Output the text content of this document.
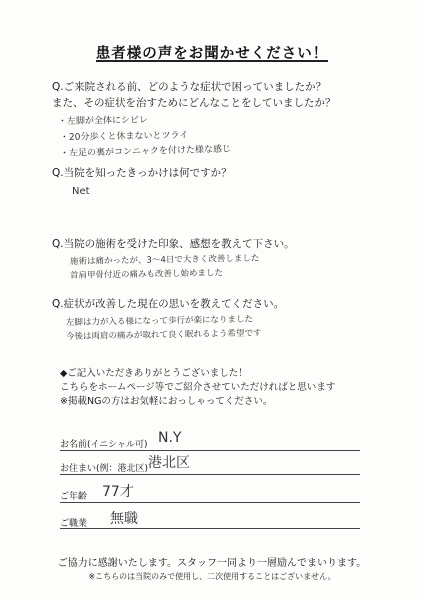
患者様の声をお聞かせください！
Q.ご来院される前、どのような症状で困っていましたか？
また、その症状を治すためにどんなことをしていましたか？
・左脚が全体にシビレ
・20分歩くと休まないとツライ
・左足の裏がコンニャクを付けた様な感じ
Q.当院を知ったきっかけは何ですか？
Net
Q.当院の施術を受けた印象、感想を教えて下さい。
施術は痛かったが、3〜4日で大きく改善しました
首肩甲骨付近の痛みも改善し始めました
Q.症状が改善した現在の思いを教えてください。
左脚は力が入る様になって歩行が楽になりました
今後は両肩の痛みが取れて良く眠れるよう希望です
◆ご記入いただきありがとうございました！
こちらをホームページ等でご紹介させていただければと思います
※掲載NGの方はお気軽におっしゃってください。
お名前(イニシャル可) N.Y
お住まい(例：港北区) 港北区
ご年齢 77才
ご職業 無職
ご協力に感謝いたします。スタッフ一同より一層励んでまいります。
※こちらのは当院のみで使用し、二次使用することはございません。
